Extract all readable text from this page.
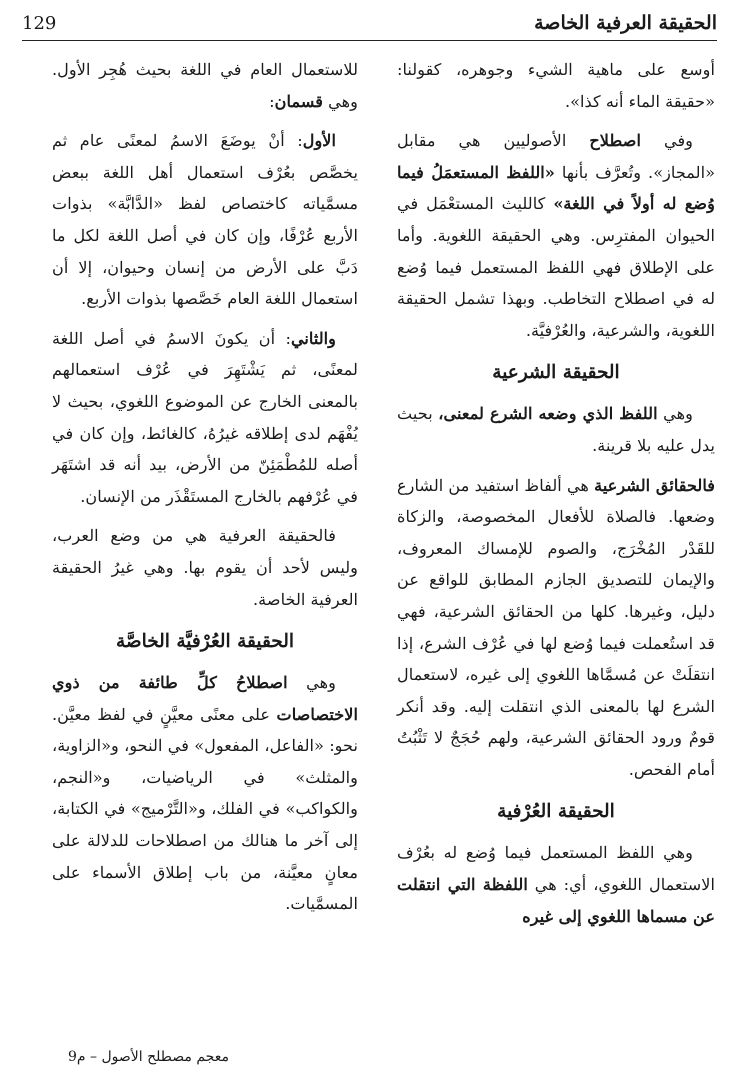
الحقيقة العرفية الخاصة
129

أوسع على ماهية الشيء وجوهره، كقولنا: «حقيقة الماء أنه كذا».

وفي اصطلاح الأصوليين هي مقابل «المجاز». وتُعرَّف بأنها «اللفظ المستعمَلُ فيما وُضع له أولاً في اللغة» كالليث المستعْمَل في الحيوان المفترِس. وهي الحقيقة اللغوية. وأما على الإطلاق فهي اللفظ المستعمل فيما وُضع له في اصطلاح التخاطب. وبهذا تشمل الحقيقة اللغوية، والشرعية، والعُرْفيَّة.

الحقيقة الشرعية

وهي اللفظ الذي وضعه الشرع لمعنى، بحيث يدل عليه بلا قرينة.

فالحقائق الشرعية هي ألفاظ استفيد من الشارع وضعها. فالصلاة للأفعال المخصوصة، والزكاة للقَدْر المُخْرَج، والصوم للإمساك المعروف، والإيمان للتصديق الجازم المطابق للواقع عن دليل، وغيرها. كلها من الحقائق الشرعية، فهي قد استُعملت فيما وُضع لها في عُرْف الشرع، إذا انتقلَتْ عن مُسمَّاها اللغوي إلى غيره، لاستعمال الشرع لها بالمعنى الذي انتقلت إليه. وقد أنكر قومٌ ورود الحقائق الشرعية، ولهم حُجَجٌ لا تَثْبُتُ أمام الفحص.

الحقيقة العُرْفية

وهي اللفظ المستعمل فيما وُضع له بعُرْف الاستعمال اللغوي، أي: هي اللفظة التي انتقلت عن مسماها اللغوي إلى غيره

للاستعمال العام في اللغة بحيث هُجِر الأول. وهي قسمان:

الأول: أنْ يوضَعَ الاسمُ لمعنًى عام ثم يخصَّص بعُرْف استعمال أهل اللغة ببعض مسمَّياته كاختصاص لفظ «الدَّابَّة» بذوات الأربع عُرْفًا، وإن كان في أصل اللغة لكل ما دَبَّ على الأرض من إنسان وحيوان، إلا أن استعمال اللغة العام خَصَّصها بذوات الأربع.

والثاني: أن يكونَ الاسمُ في أصل اللغة لمعنًى، ثم يَشْتَهِرَ في عُرْف استعمالهم بالمعنى الخارج عن الموضوع اللغوي، بحيث لا يُفْهَم لدى إطلاقه غيرُهُ، كالغائط، وإن كان في أصله للمُطْمَئِنّ من الأرض، بيد أنه قد اشتَهَر في عُرْفهم بالخارج المستَقْذَر من الإنسان.

فالحقيقة العرفية هي من وضع العرب، وليس لأحد أن يقوم بها. وهي غيرُ الحقيقة العرفية الخاصة.

الحقيقة العُرْفيَّة الخاصَّة

وهي اصطلاحُ كلِّ طائفة من ذوي الاختصاصات على معنًى معيَّنٍ في لفظ معيَّن. نحو: «الفاعل، المفعول» في النحو، و«الزاوية، والمثلث» في الرياضيات، و«النجم، والكواكب» في الفلك، و«التَّرْميج» في الكتابة، إلى آخر ما هنالك من اصطلاحات للدلالة على معانٍ معيَّنة، من باب إطلاق الأسماء على المسمَّيات.

معجم مصطلح الأصول – م9
